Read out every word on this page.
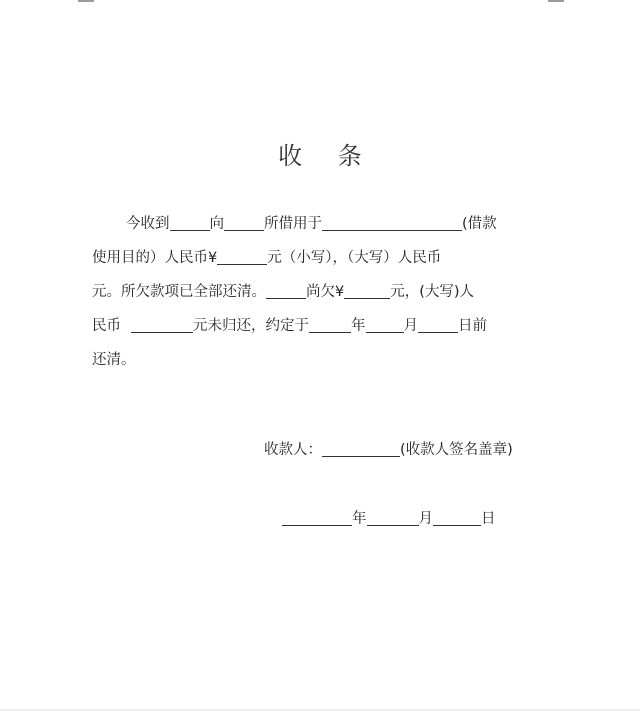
收 条
今收到	向	所借用于	(借款
使用目的）人民币¥	元（小写），（大写）人民币
元。所欠款项已全部还清。	尚欠¥	元，(大写)人
民币	元未归还，约定于	年	月	日前
还清。
收款人：	(收款人签名盖章)
年	月	日
